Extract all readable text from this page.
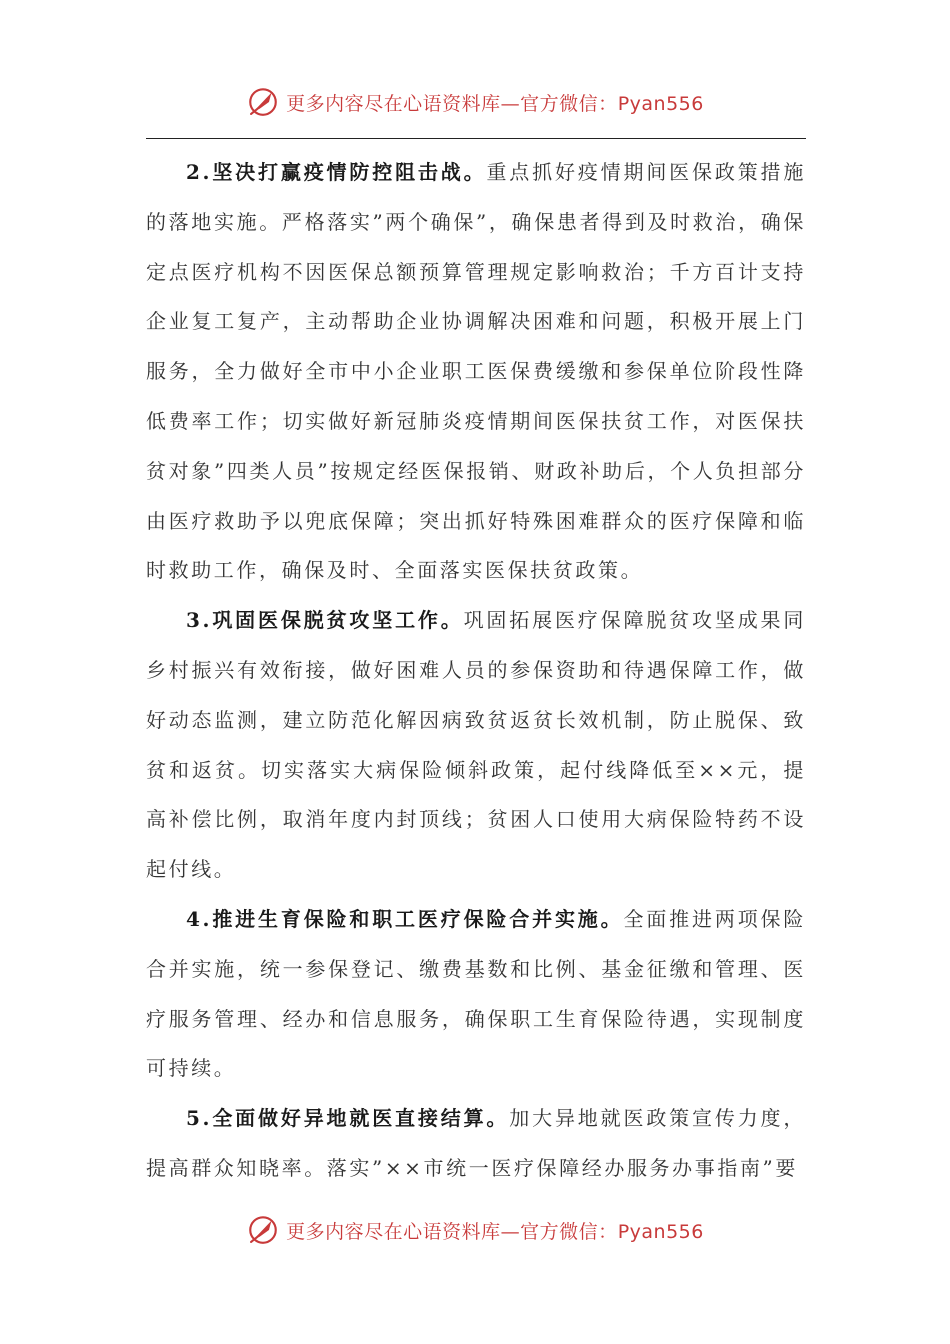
更多内容尽在心语资料库—官方微信：Pyan556

2.坚决打赢疫情防控阻击战。重点抓好疫情期间医保政策措施的落地实施。严格落实”两个确保”，确保患者得到及时救治，确保定点医疗机构不因医保总额预算管理规定影响救治；千方百计支持企业复工复产，主动帮助企业协调解决困难和问题，积极开展上门服务，全力做好全市中小企业职工医保费缓缴和参保单位阶段性降低费率工作；切实做好新冠肺炎疫情期间医保扶贫工作，对医保扶贫对象”四类人员”按规定经医保报销、财政补助后，个人负担部分由医疗救助予以兜底保障；突出抓好特殊困难群众的医疗保障和临时救助工作，确保及时、全面落实医保扶贫政策。

3.巩固医保脱贫攻坚工作。巩固拓展医疗保障脱贫攻坚成果同乡村振兴有效衔接，做好困难人员的参保资助和待遇保障工作，做好动态监测，建立防范化解因病致贫返贫长效机制，防止脱保、致贫和返贫。切实落实大病保险倾斜政策，起付线降低至××元，提高补偿比例，取消年度内封顶线；贫困人口使用大病保险特药不设起付线。

4.推进生育保险和职工医疗保险合并实施。全面推进两项保险合并实施，统一参保登记、缴费基数和比例、基金征缴和管理、医疗服务管理、经办和信息服务，确保职工生育保险待遇，实现制度可持续。

5.全面做好异地就医直接结算。加大异地就医政策宣传力度，提高群众知晓率。落实”××市统一医疗保障经办服务办事指南”要

更多内容尽在心语资料库—官方微信：Pyan556
